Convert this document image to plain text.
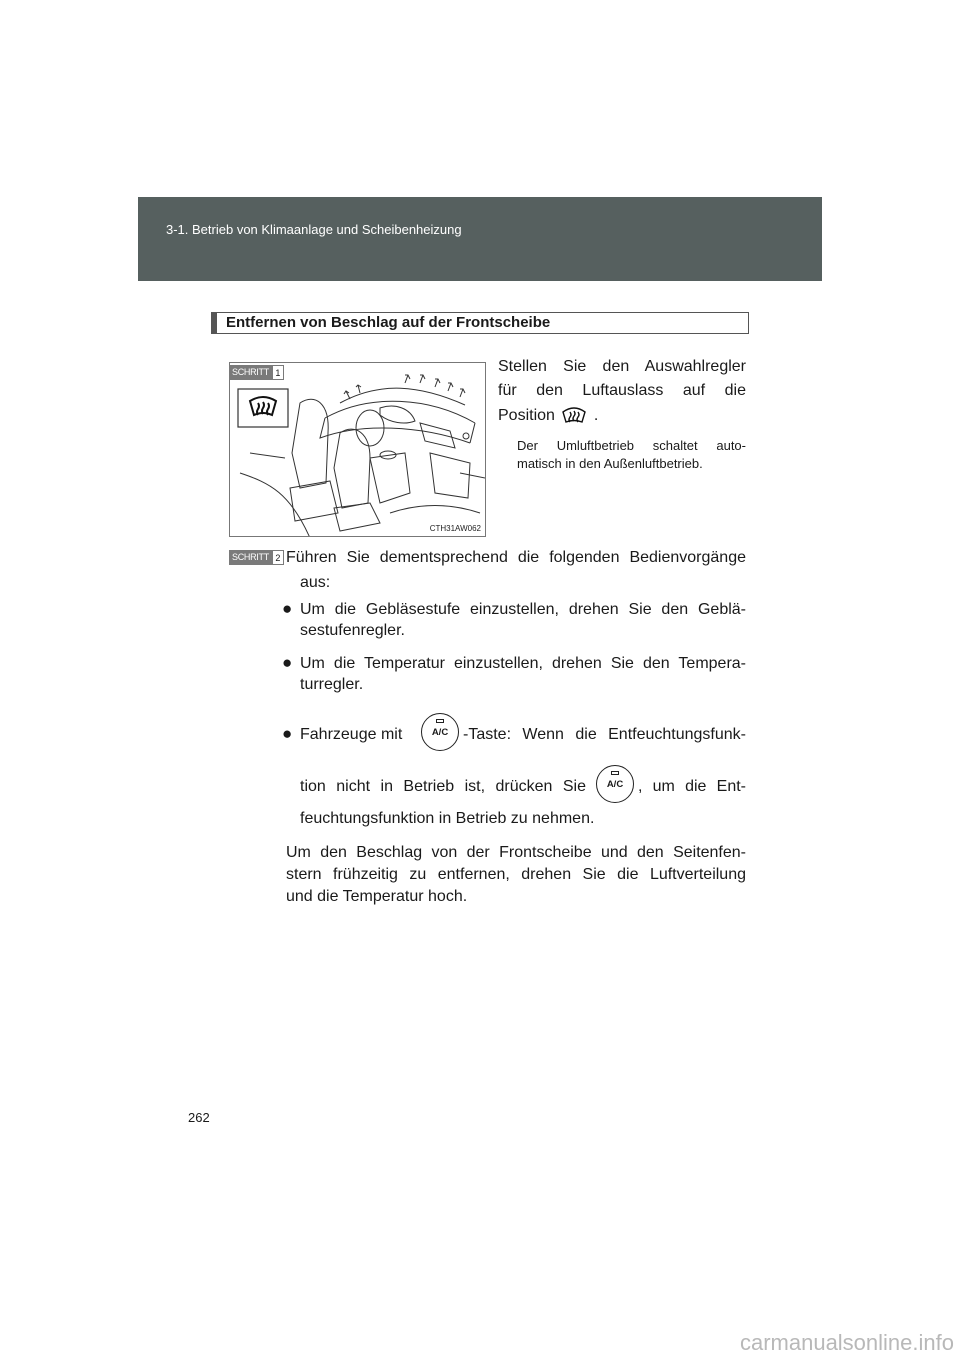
3-1. Betrieb von Klimaanlage und Scheibenheizung
Entfernen von Beschlag auf der Frontscheibe
CTH31AW062
SCHRITT 1	Stellen Sie den Auswahlregler
für den Luftauslass auf die
Position .
Der Umluftbetrieb schaltet auto-
matisch in den Außenluftbetrieb.
SCHRITT 2 Führen Sie dementsprechend die folgenden Bedienvorgänge
aus:
● Um die Gebläsestufe einzustellen, drehen Sie den Geblä-
sestufenregler.
● Um die Temperatur einzustellen, drehen Sie den Tempera-
turregler.
● Fahrzeuge mit	A/C -Taste: Wenn die Entfeuchtungsfunk-
tion nicht in Betrieb ist, drücken Sie	A/C , um die Ent-
feuchtungsfunktion in Betrieb zu nehmen.
Um den Beschlag von der Frontscheibe und den Seitenfen-
stern frühzeitig zu entfernen, drehen Sie die Luftverteilung
und die Temperatur hoch.
262
carmanualsonline.info
